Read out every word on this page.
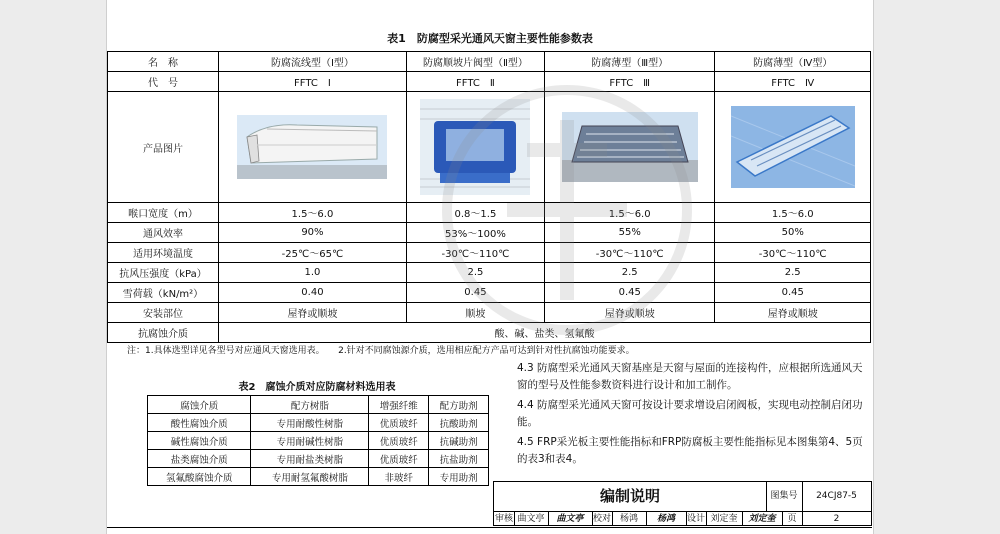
表1　防腐型采光通风天窗主要性能参数表
名　称	防腐流线型（Ⅰ型）	防腐顺坡片阀型（Ⅱ型）	防腐薄型（Ⅲ型）	防腐薄型（Ⅳ型）
代　号	FFTC　Ⅰ	FFTC　Ⅱ	FFTC　Ⅲ	FFTC　Ⅳ
产品图片	

喉口宽度（m）	1.5～6.0	0.8～1.5	1.5～6.0	1.5～6.0
通风效率	90%	53%～100%	55%	50%
适用环境温度	-25℃～65℃	-30℃～110℃	-30℃～110℃	-30℃～110℃
抗风压强度（kPa）	1.0	2.5	2.5	2.5
雪荷载（kN/m²）	0.40	0.45	0.45	0.45
安装部位	屋脊或顺坡	顺坡	屋脊或顺坡	屋脊或顺坡
抗腐蚀介质	酸、碱、盐类、氢氟酸			
注：1.具体选型详见各型号对应通风天窗选用表。　　2.针对不同腐蚀源介质，选用相应配方产品可达到针对性抗腐蚀功能要求。
表2　腐蚀介质对应防腐材料选用表
腐蚀介质	配方树脂	增强纤维	配方助剂
酸性腐蚀介质	专用耐酸性树脂	优质玻纤	抗酸助剂
碱性腐蚀介质	专用耐碱性树脂	优质玻纤	抗碱助剂
盐类腐蚀介质	专用耐盐类树脂	优质玻纤	抗盐助剂
氢氟酸腐蚀介质	专用耐氢氟酸树脂	非玻纤	专用助剂
4.3 防腐型采光通风天窗基座是天窗与屋面的连接构件，应根据所选通风天窗的型号及性能参数资料进行设计和加工制作。
4.4 防腐型采光通风天窗可按设计要求增设启闭阀板，实现电动控制启闭功能。
4.5 FRP采光板主要性能指标和FRP防腐板主要性能指标见本图集第4、5页的表3和表4。
编制说明	图集号	24CJ87-5
审核 曲文亭	曲文亭	校对 杨鸿	杨鸿	设计 刘定奎	刘定奎	页	2
